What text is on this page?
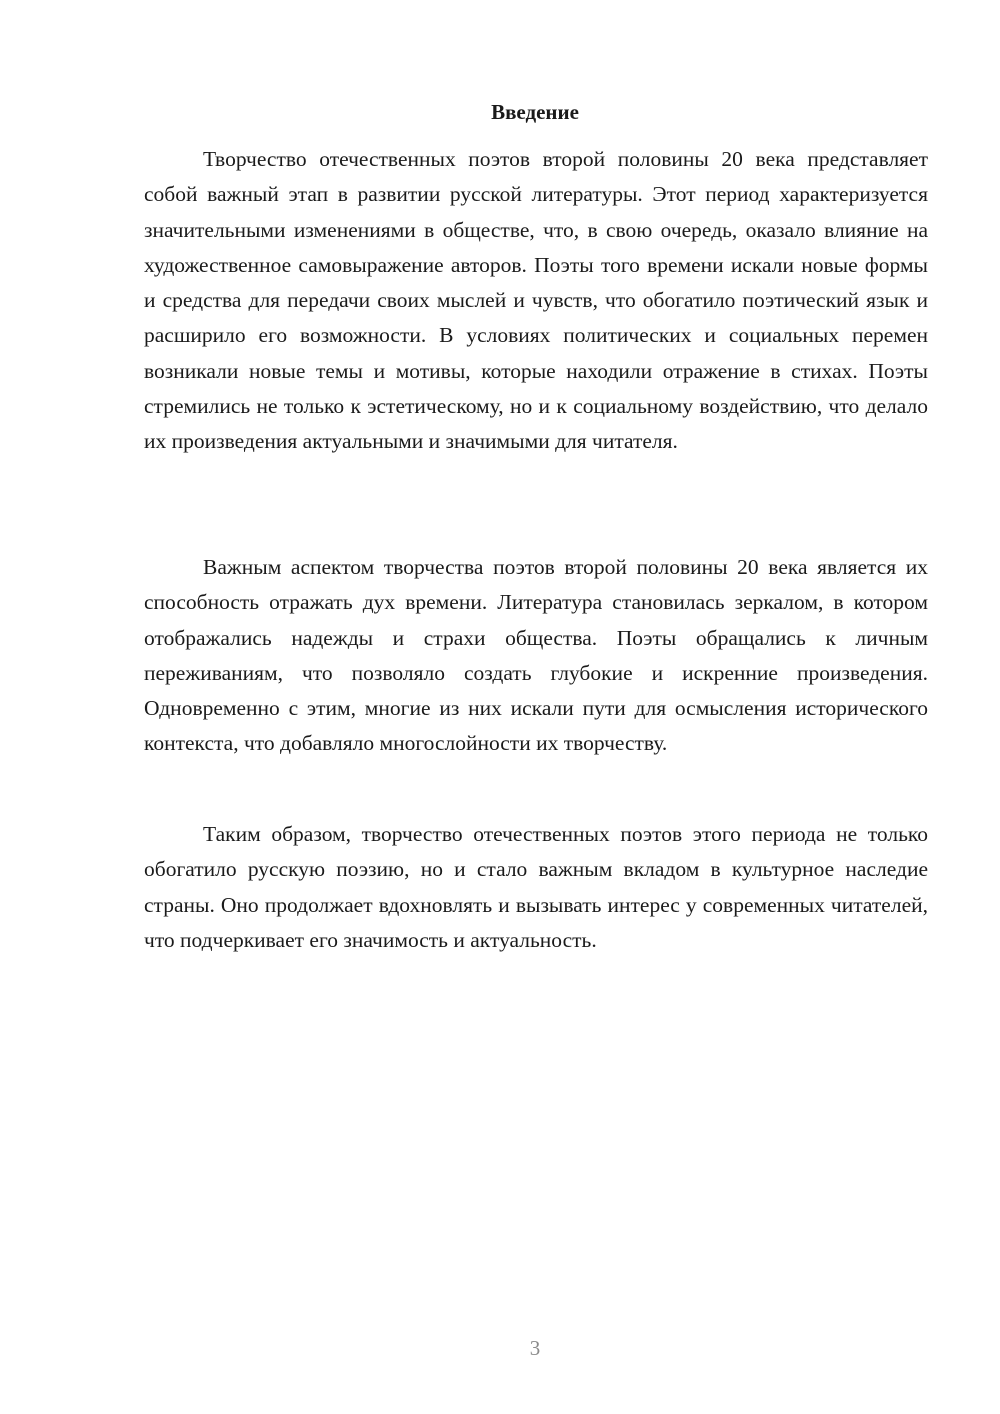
Введение

Творчество отечественных поэтов второй половины 20 века представляет собой важный этап в развитии русской литературы. Этот период характеризуется значительными изменениями в обществе, что, в свою очередь, оказало влияние на художественное самовыражение авторов. Поэты того времени искали новые формы и средства для передачи своих мыслей и чувств, что обогатило поэтический язык и расширило его возможности. В условиях политических и социальных перемен возникали новые темы и мотивы, которые находили отражение в стихах. Поэты стремились не только к эстетическому, но и к социальному воздействию, что делало их произведения актуальными и значимыми для читателя.

Важным аспектом творчества поэтов второй половины 20 века является их способность отражать дух времени. Литература становилась зеркалом, в котором отображались надежды и страхи общества. Поэты обращались к личным переживаниям, что позволяло создать глубокие и искренние произведения. Одновременно с этим, многие из них искали пути для осмысления исторического контекста, что добавляло многослойности их творчеству.

Таким образом, творчество отечественных поэтов этого периода не только обогатило русскую поэзию, но и стало важным вкладом в культурное наследие страны. Оно продолжает вдохновлять и вызывать интерес у современных читателей, что подчеркивает его значимость и актуальность.

3
